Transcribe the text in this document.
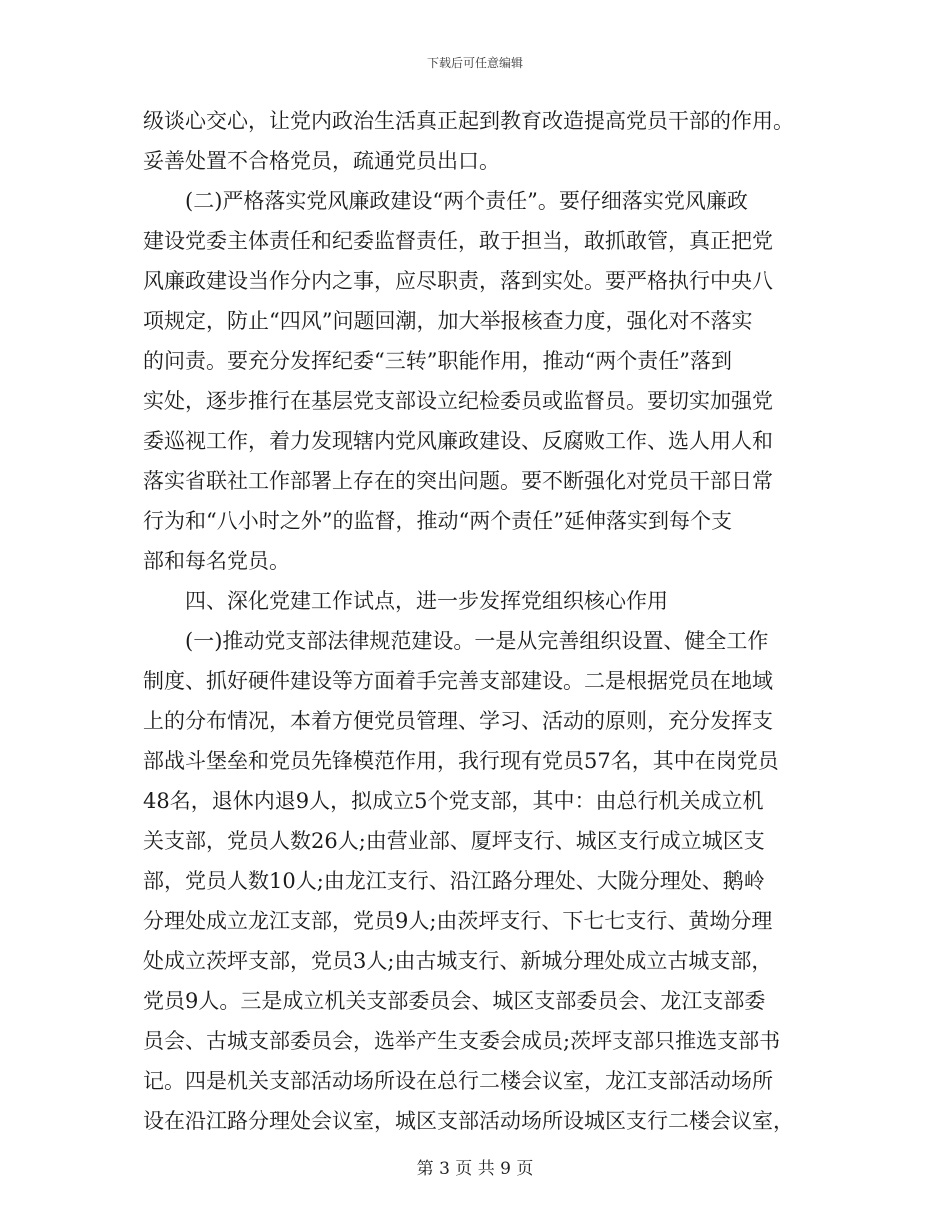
下载后可任意编辑
级谈心交心，让党内政治生活真正起到教育改造提高党员干部的作用。
妥善处置不合格党员，疏通党员出口。
　　(二)严格落实党风廉政建设“两个责任”。要仔细落实党风廉政
建设党委主体责任和纪委监督责任，敢于担当，敢抓敢管，真正把党
风廉政建设当作分内之事，应尽职责，落到实处。要严格执行中央八
项规定，防止“四风”问题回潮，加大举报核查力度，强化对不落实
的问责。要充分发挥纪委“三转”职能作用，推动“两个责任”落到
实处，逐步推行在基层党支部设立纪检委员或监督员。要切实加强党
委巡视工作，着力发现辖内党风廉政建设、反腐败工作、选人用人和
落实省联社工作部署上存在的突出问题。要不断强化对党员干部日常
行为和“八小时之外”的监督，推动“两个责任”延伸落实到每个支
部和每名党员。
　　四、深化党建工作试点，进一步发挥党组织核心作用
　　(一)推动党支部法律规范建设。一是从完善组织设置、健全工作
制度、抓好硬件建设等方面着手完善支部建设。二是根据党员在地域
上的分布情况，本着方便党员管理、学习、活动的原则，充分发挥支
部战斗堡垒和党员先锋模范作用，我行现有党员57名，其中在岗党员
48名，退休内退9人，拟成立5个党支部，其中：由总行机关成立机
关支部，党员人数26人;由营业部、厦坪支行、城区支行成立城区支
部，党员人数10人;由龙江支行、沿江路分理处、大陇分理处、鹅岭
分理处成立龙江支部，党员9人;由茨坪支行、下七七支行、黄坳分理
处成立茨坪支部，党员3人;由古城支行、新城分理处成立古城支部，
党员9人。三是成立机关支部委员会、城区支部委员会、龙江支部委
员会、古城支部委员会，选举产生支委会成员;茨坪支部只推选支部书
记。四是机关支部活动场所设在总行二楼会议室，龙江支部活动场所
设在沿江路分理处会议室，城区支部活动场所设城区支行二楼会议室，
第 3 页 共 9 页
